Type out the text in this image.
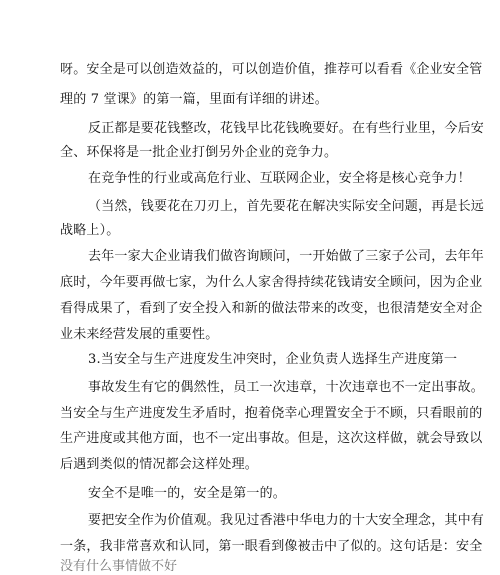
呀。安全是可以创造效益的，可以创造价值，推荐可以看看《企业安全管
理的 7 堂课》的第一篇，里面有详细的讲述。
反正都是要花钱整改，花钱早比花钱晚要好。在有些行业里，今后安
全、环保将是一批企业打倒另外企业的竞争力。
在竞争性的行业或高危行业、互联网企业，安全将是核心竞争力！
（当然，钱要花在刀刃上，首先要花在解决实际安全问题，再是长远
战略上）。
去年一家大企业请我们做咨询顾问，一开始做了三家子公司，去年年
底时，今年要再做七家，为什么人家舍得持续花钱请安全顾问，因为企业
看得成果了，看到了安全投入和新的做法带来的改变，也很清楚安全对企
业未来经营发展的重要性。
3.当安全与生产进度发生冲突时，企业负责人选择生产进度第一
事故发生有它的偶然性，员工一次违章，十次违章也不一定出事故。
当安全与生产进度发生矛盾时，抱着侥幸心理置安全于不顾，只看眼前的
生产进度或其他方面，也不一定出事故。但是，这次这样做，就会导致以
后遇到类似的情况都会这样处理。
安全不是唯一的，安全是第一的。
要把安全作为价值观。我见过香港中华电力的十大安全理念，其中有
一条，我非常喜欢和认同，第一眼看到像被击中了似的。这句话是：安全
没有什么事情做不好
